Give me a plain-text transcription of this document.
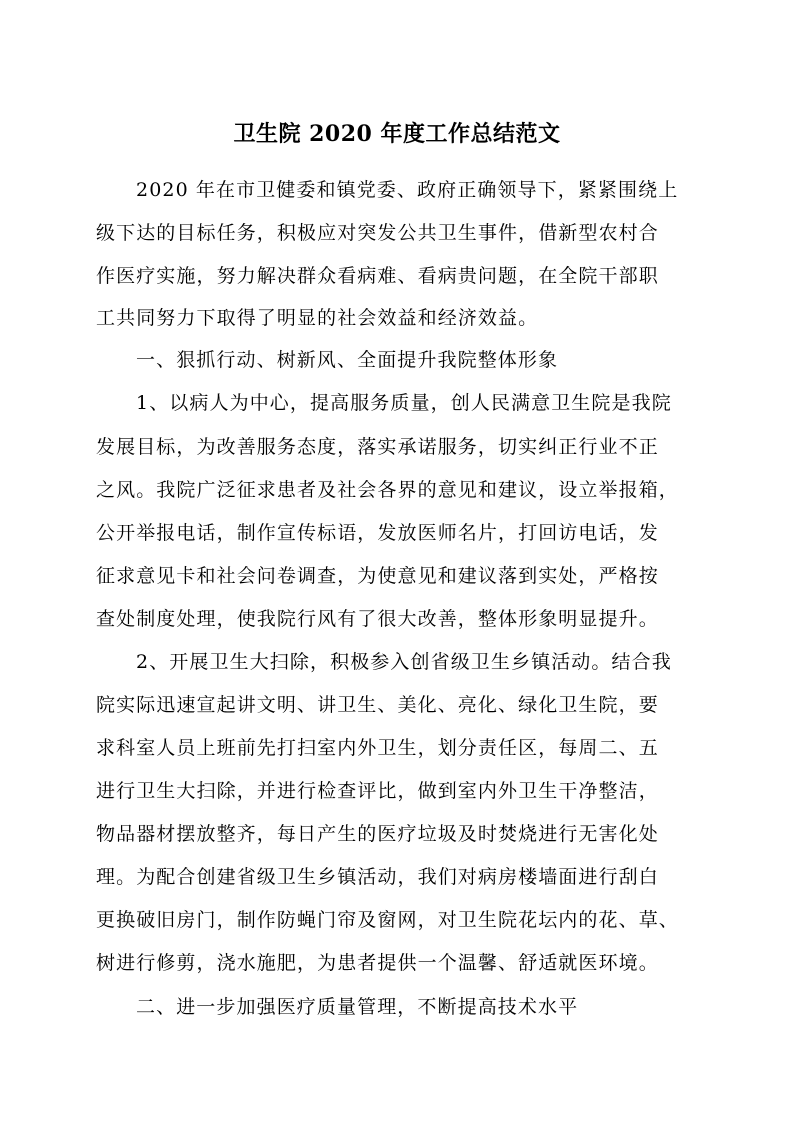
卫生院 2020 年度工作总结范文
2020 年在市卫健委和镇党委、政府正确领导下，紧紧围绕上
级下达的目标任务，积极应对突发公共卫生事件，借新型农村合
作医疗实施，努力解决群众看病难、看病贵问题，在全院干部职
工共同努力下取得了明显的社会效益和经济效益。
一、狠抓行动、树新风、全面提升我院整体形象
1、以病人为中心，提高服务质量，创人民满意卫生院是我院
发展目标，为改善服务态度，落实承诺服务，切实纠正行业不正
之风。我院广泛征求患者及社会各界的意见和建议，设立举报箱，
公开举报电话，制作宣传标语，发放医师名片，打回访电话，发
征求意见卡和社会问卷调查，为使意见和建议落到实处，严格按
查处制度处理，使我院行风有了很大改善，整体形象明显提升。
2、开展卫生大扫除，积极参入创省级卫生乡镇活动。结合我
院实际迅速宣起讲文明、讲卫生、美化、亮化、绿化卫生院，要
求科室人员上班前先打扫室内外卫生，划分责任区，每周二、五
进行卫生大扫除，并进行检查评比，做到室内外卫生干净整洁，
物品器材摆放整齐，每日产生的医疗垃圾及时焚烧进行无害化处
理。为配合创建省级卫生乡镇活动，我们对病房楼墙面进行刮白
更换破旧房门，制作防蝇门帘及窗网，对卫生院花坛内的花、草、
树进行修剪，浇水施肥，为患者提供一个温馨、舒适就医环境。
二、进一步加强医疗质量管理，不断提高技术水平
